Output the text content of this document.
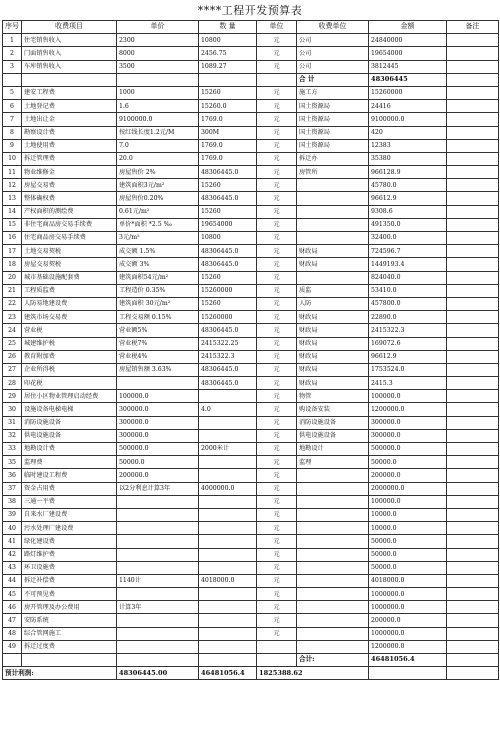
****工程开发预算表
序号	收费项目	单价	数 量	单位	收费单位	金额	备注
1	住宅销售收入	2300	10800	元	公司	24840000	
2	门面销售收入	8000	2456.75	元	公司	19654000	
3	车库销售收入	3500	1089.27	元	公司	3812445	
					合 计	48306445	
5	建安工程费	1000	15260	元	施工方	15260000	
6	土地登记费	1.6	15260.0	元	国土资源局	24416	
7	土地出让金	9100000.0	1769.0	元	国土资源局	9100000.0	
8	勘察设计费	按红线长度1.2元/M	300M	元	国土资源局	420	
9	土地使用费	7.0	1769.0	元	国土资源局	12383	
10	拆迁管理费	20.0	1769.0	元	拆迁办	35380	
11	物业维修金	房屋售价 2%	48306445.0	元	房管所	966128.9	
12	房屋交易费	建筑面积3元/m²	15260	元		45780.0	
13	整体确权费	房屋售价0.20%	48306445.0	元		96612.9	
14	产权面积的测绘费	0.61元/m²	15260	元		9308.6	
15	非住宅商品房交易手续费	单价*面积 *2.5 ‰	19654000	元		491350.0	
16	住宅商品房交易手续费	3元/m²	10800	元		32400.0	
17	土地交易契税	成交额 1.5%	48306445.0	元	财政局	724596.7	
18	房屋交易契税	成交额 3%	48306445.0	元	财政局	1449193.4	
20	城市基础设施配套费	建筑面积54元/m²	15260	元		824040.0	
21	工程质监费	工程造价 0.35%	15260000	元	质监	53410.0	
22	人防易地建设费	建筑面积 30元/m²	15260	元	人防	457800.0	
23	建筑市场交易费	工程交易额 0.15%	15260000	元	财政局	22890.0	
24	营业税	营业额5%	48306445.0	元	财政局	2415322.3	
25	城建维护税	营业税7%	2415322.25	元	财政局	169072.6	
26	教育附加费	营业税4%	2415322.3	元	财政局	96612.9	
27	企业所得税	房屋销售额 3.63%	48306445.0	元	财政局	1753524.0	
28	印花税		48306445.0	元	财政局	2415.3	
29	居住小区物业管理启动经费	100000.0		元	物管	100000.0	
30	设施设备电梯电梯	300000.0	4.0	元	购设备安装	1200000.0	
31	消防设施设备	300000.0		元	消防设施设备	300000.0	
32	供电设施设备	300000.0		元	供电设施设备	300000.0	
33	地勘设计费	500000.0	2000米计	元	地勘设计	500000.0	
35	监理费	50000.0		元	监理	50000.0	
36	临时建设工程费	200000.0		元		200000.0	
37	资金占用费	以2分利息计算3年	4000000.0	元		2000000.0	
38	三通一平费			元		100000.0	
39	自来水厂建设费			元		10000.0	
40	污水处理厂建设费			元		10000.0	
41	绿化建设费			元		50000.0	
42	路灯维护费			元		50000.0	
43	环卫设施费			元		50000.0	
44	拆迁补偿费	1140计	4018000.0	元		4018000.0	
45	不可预见费			元		1000000.0	
46	房开管理及办公费用	计算3年		元		1000000.0	
47	安防系统			元		200000.0	
48	综合管网施工			元		1000000.0	
49	拆迁过度费					1200000.0	
					合计:	46481056.4	
预计利润:		48306445.00	46481056.4	1825388.62			
